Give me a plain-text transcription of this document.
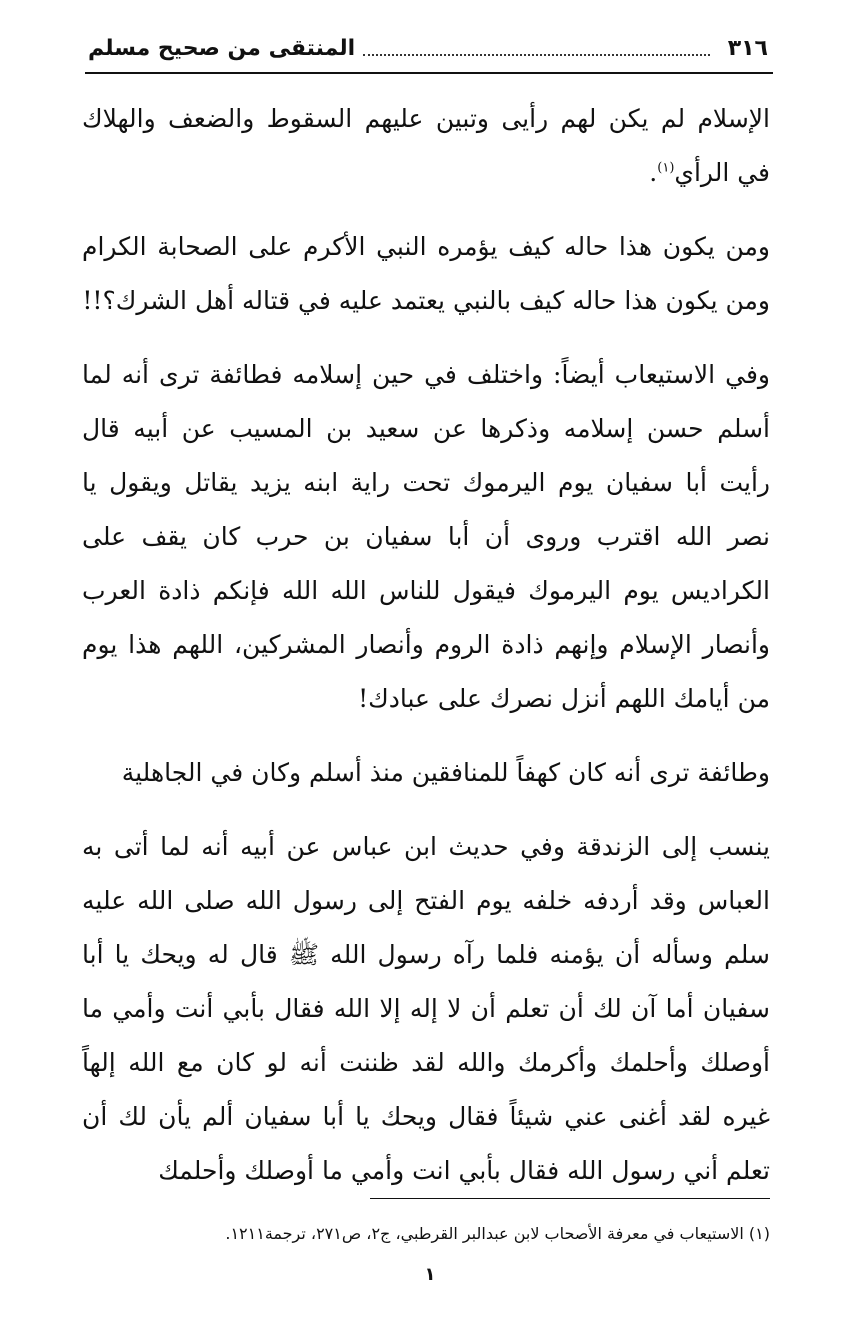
٣١٦
المنتقى من صحيح مسلم

الإسلام لم يكن لهم رأيى وتبين عليهم السقوط والضعف والهلاك في الرأي$^{(١)}$.

ومن يكون هذا حاله كيف يؤمره النبي الأكرم على الصحابة الكرام ومن يكون هذا حاله كيف بالنبي يعتمد عليه في قتاله أهل الشرك؟!!

وفي الاستيعاب أيضاً: واختلف في حين إسلامه فطائفة ترى أنه لما أسلم حسن إسلامه وذكرها عن سعيد بن المسيب عن أبيه قال رأيت أبا سفيان يوم اليرموك تحت راية ابنه يزيد يقاتل ويقول يا نصر الله اقترب وروى أن أبا سفيان بن حرب كان يقف على الكراديس يوم اليرموك فيقول للناس الله الله فإنكم ذادة العرب وأنصار الإسلام وإنهم ذادة الروم وأنصار المشركين، اللهم هذا يوم من أيامك اللهم أنزل نصرك على عبادك!

وطائفة ترى أنه كان كهفاً للمنافقين منذ أسلم وكان في الجاهلية

ينسب إلى الزندقة وفي حديث ابن عباس عن أبيه أنه لما أتى به العباس وقد أردفه خلفه يوم الفتح إلى رسول الله صلى الله عليه سلم وسأله أن يؤمنه فلما رآه رسول الله ﷺ قال له ويحك يا أبا سفيان أما آن لك أن تعلم أن لا إله إلا الله فقال بأبي أنت وأمي ما أوصلك وأحلمك وأكرمك والله لقد ظننت أنه لو كان مع الله إلهاً غيره لقد أغنى عني شيئاً فقال ويحك يا أبا سفيان ألم يأن لك أن تعلم أني رسول الله فقال بأبي انت وأمي ما أوصلك وأحلمك

(١) الاستيعاب في معرفة الأصحاب لابن عبدالبر القرطبي، ج٢، ص٢٧١، ترجمة١٢١١.
١
